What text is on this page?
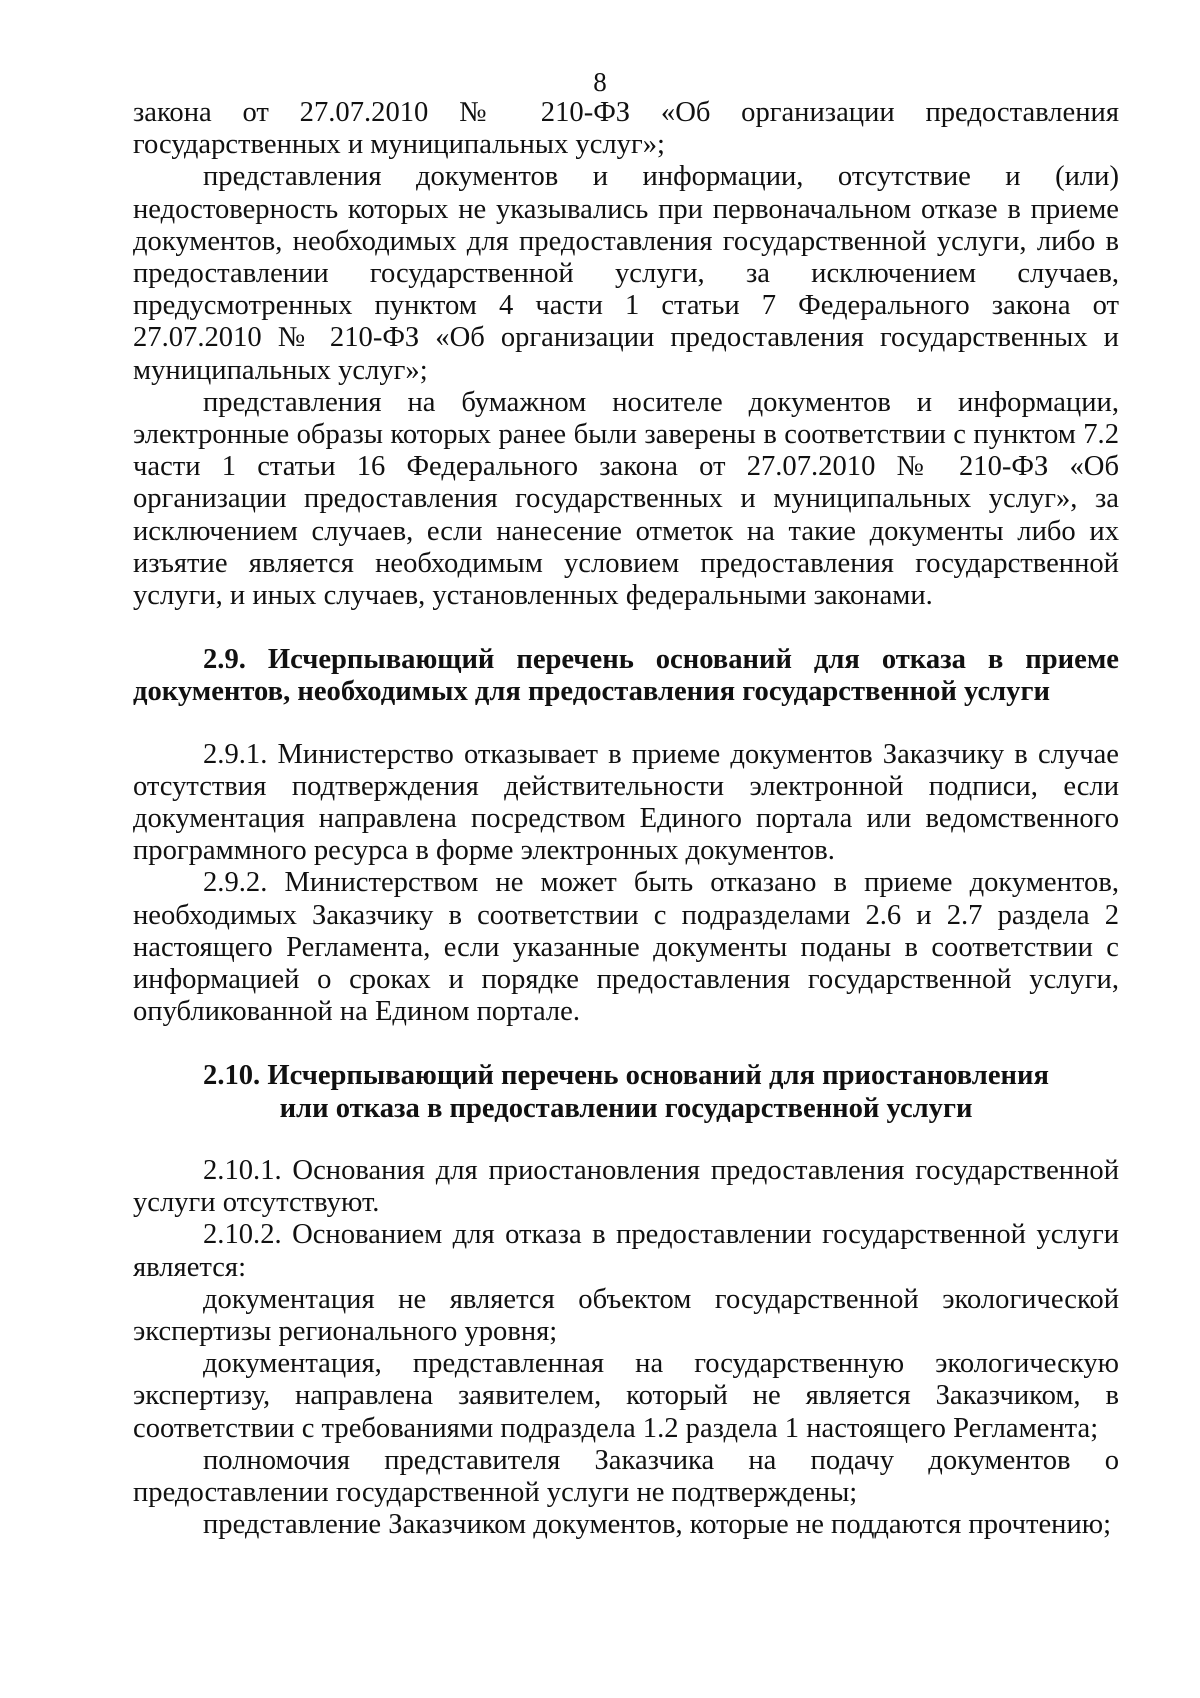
8

закона от 27.07.2010 № 210-ФЗ «Об организации предоставления государственных и муниципальных услуг»;

представления документов и информации, отсутствие и (или) недостоверность которых не указывались при первоначальном отказе в приеме документов, необходимых для предоставления государственной услуги, либо в предоставлении государственной услуги, за исключением случаев, предусмотренных пунктом 4 части 1 статьи 7 Федерального закона от 27.07.2010 № 210-ФЗ «Об организации предоставления государственных и муниципальных услуг»;

представления на бумажном носителе документов и информации, электронные образы которых ранее были заверены в соответствии с пунктом 7.2 части 1 статьи 16 Федерального закона от 27.07.2010 № 210-ФЗ «Об организации предоставления государственных и муниципальных услуг», за исключением случаев, если нанесение отметок на такие документы либо их изъятие является необходимым условием предоставления государственной услуги, и иных случаев, установленных федеральными законами.

2.9. Исчерпывающий перечень оснований для отказа в приеме документов, необходимых для предоставления государственной услуги

2.9.1. Министерство отказывает в приеме документов Заказчику в случае отсутствия подтверждения действительности электронной подписи, если документация направлена посредством Единого портала или ведомственного программного ресурса в форме электронных документов.

2.9.2. Министерством не может быть отказано в приеме документов, необходимых Заказчику в соответствии с подразделами 2.6 и 2.7 раздела 2 настоящего Регламента, если указанные документы поданы в соответствии с информацией о сроках и порядке предоставления государственной услуги, опубликованной на Едином портале.

2.10. Исчерпывающий перечень оснований для приостановления
или отказа в предоставлении государственной услуги

2.10.1. Основания для приостановления предоставления государственной услуги отсутствуют.

2.10.2. Основанием для отказа в предоставлении государственной услуги является:

документация не является объектом государственной экологической экспертизы регионального уровня;

документация, представленная на государственную экологическую экспертизу, направлена заявителем, который не является Заказчиком, в соответствии с требованиями подраздела 1.2 раздела 1 настоящего Регламента;

полномочия представителя Заказчика на подачу документов о предоставлении государственной услуги не подтверждены;

представление Заказчиком документов, которые не поддаются прочтению;
